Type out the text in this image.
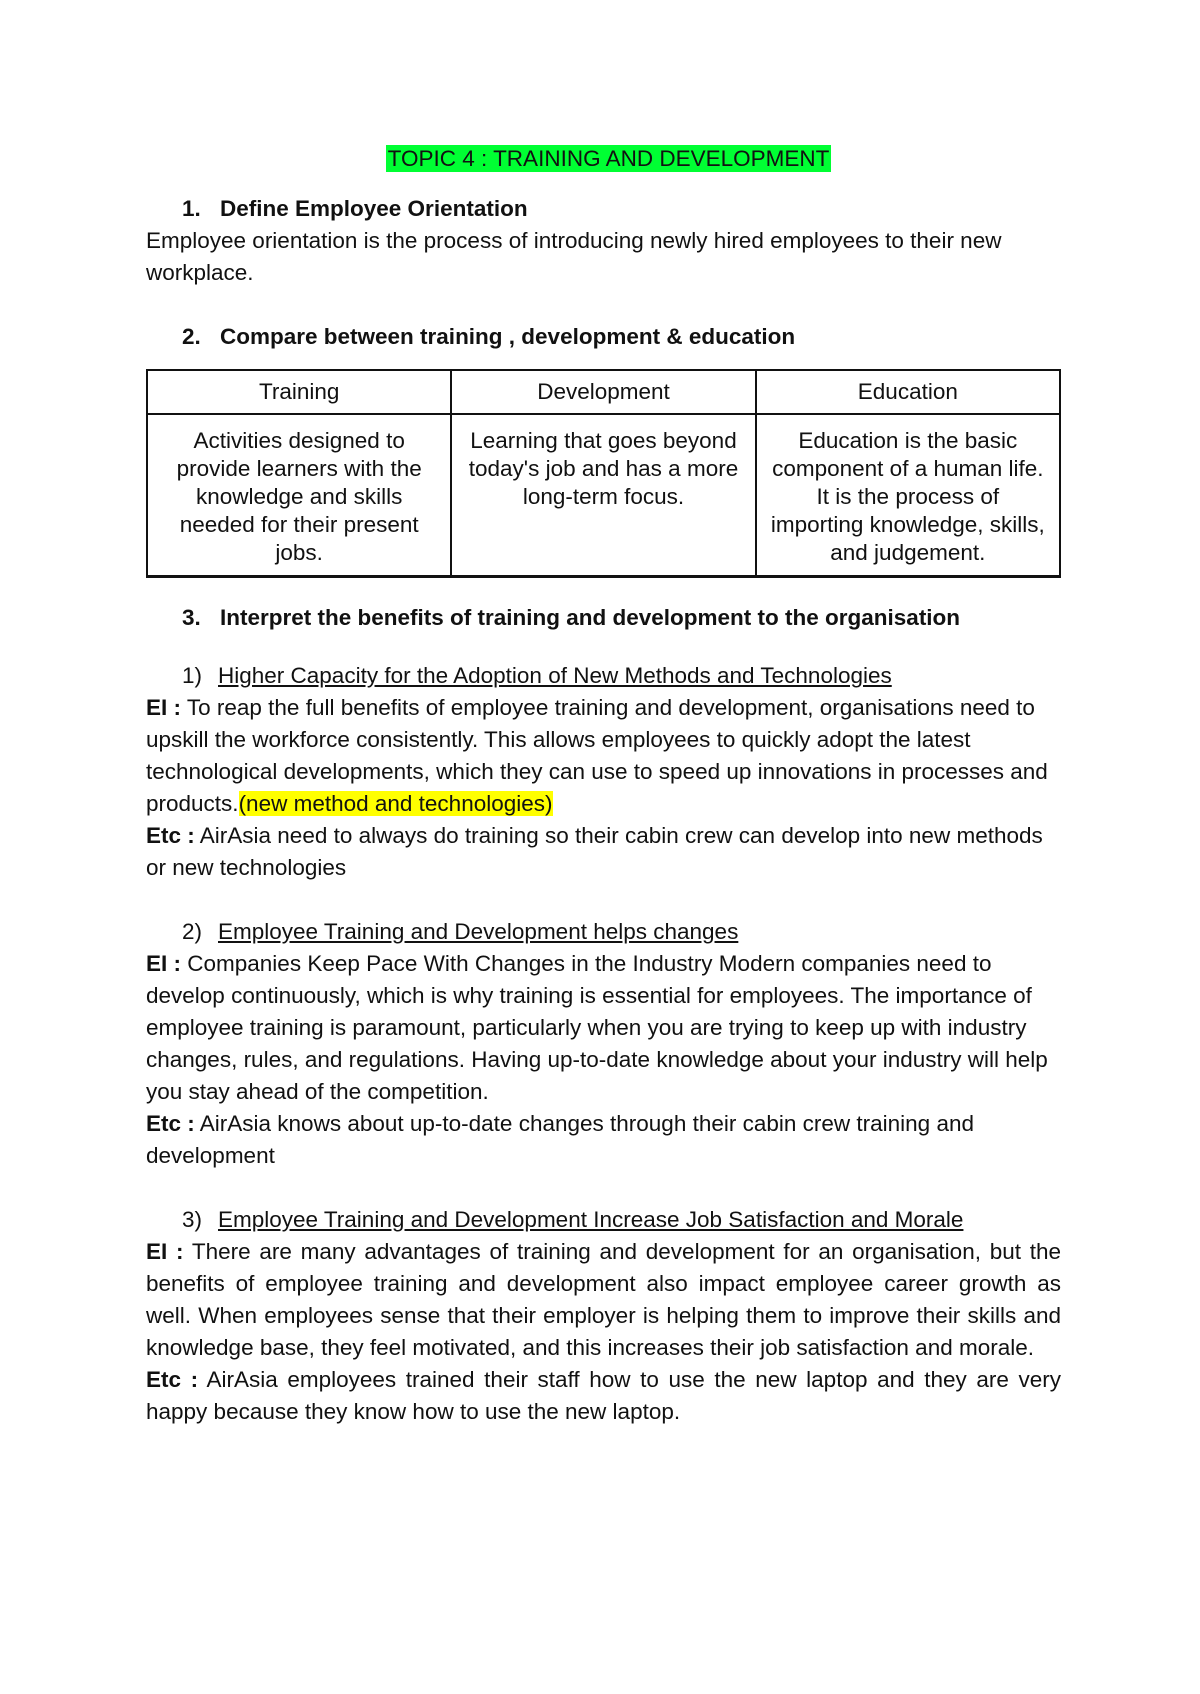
TOPIC 4 : TRAINING AND DEVELOPMENT
1. Define Employee Orientation

Employee orientation is the process of introducing newly hired employees to their new workplace.

2. Compare between training , development & education
Training	Development	Education
Activities designed to provide learners with the knowledge and skills needed for their present jobs.	Learning that goes beyond today's job and has a more long-term focus.	Education is the basic component of a human life. It is the process of importing knowledge, skills, and judgement.
3. Interpret the benefits of training and development to the organisation
1) Higher Capacity for the Adoption of New Methods and Technologies

EI : To reap the full benefits of employee training and development, organisations need to upskill the workforce consistently. This allows employees to quickly adopt the latest technological developments, which they can use to speed up innovations in processes and products.(new method and technologies)

Etc : AirAsia need to always do training so their cabin crew can develop into new methods or new technologies

2) Employee Training and Development helps changes

EI : Companies Keep Pace With Changes in the Industry Modern companies need to develop continuously, which is why training is essential for employees. The importance of employee training is paramount, particularly when you are trying to keep up with industry changes, rules, and regulations. Having up-to-date knowledge about your industry will help you stay ahead of the competition.

Etc : AirAsia knows about up-to-date changes through their cabin crew training and development

3) Employee Training and Development Increase Job Satisfaction and Morale

EI : There are many advantages of training and development for an organisation, but the benefits of employee training and development also impact employee career growth as well. When employees sense that their employer is helping them to improve their skills and knowledge base, they feel motivated, and this increases their job satisfaction and morale.

Etc : AirAsia employees trained their staff how to use the new laptop and they are very happy because they know how to use the new laptop.
